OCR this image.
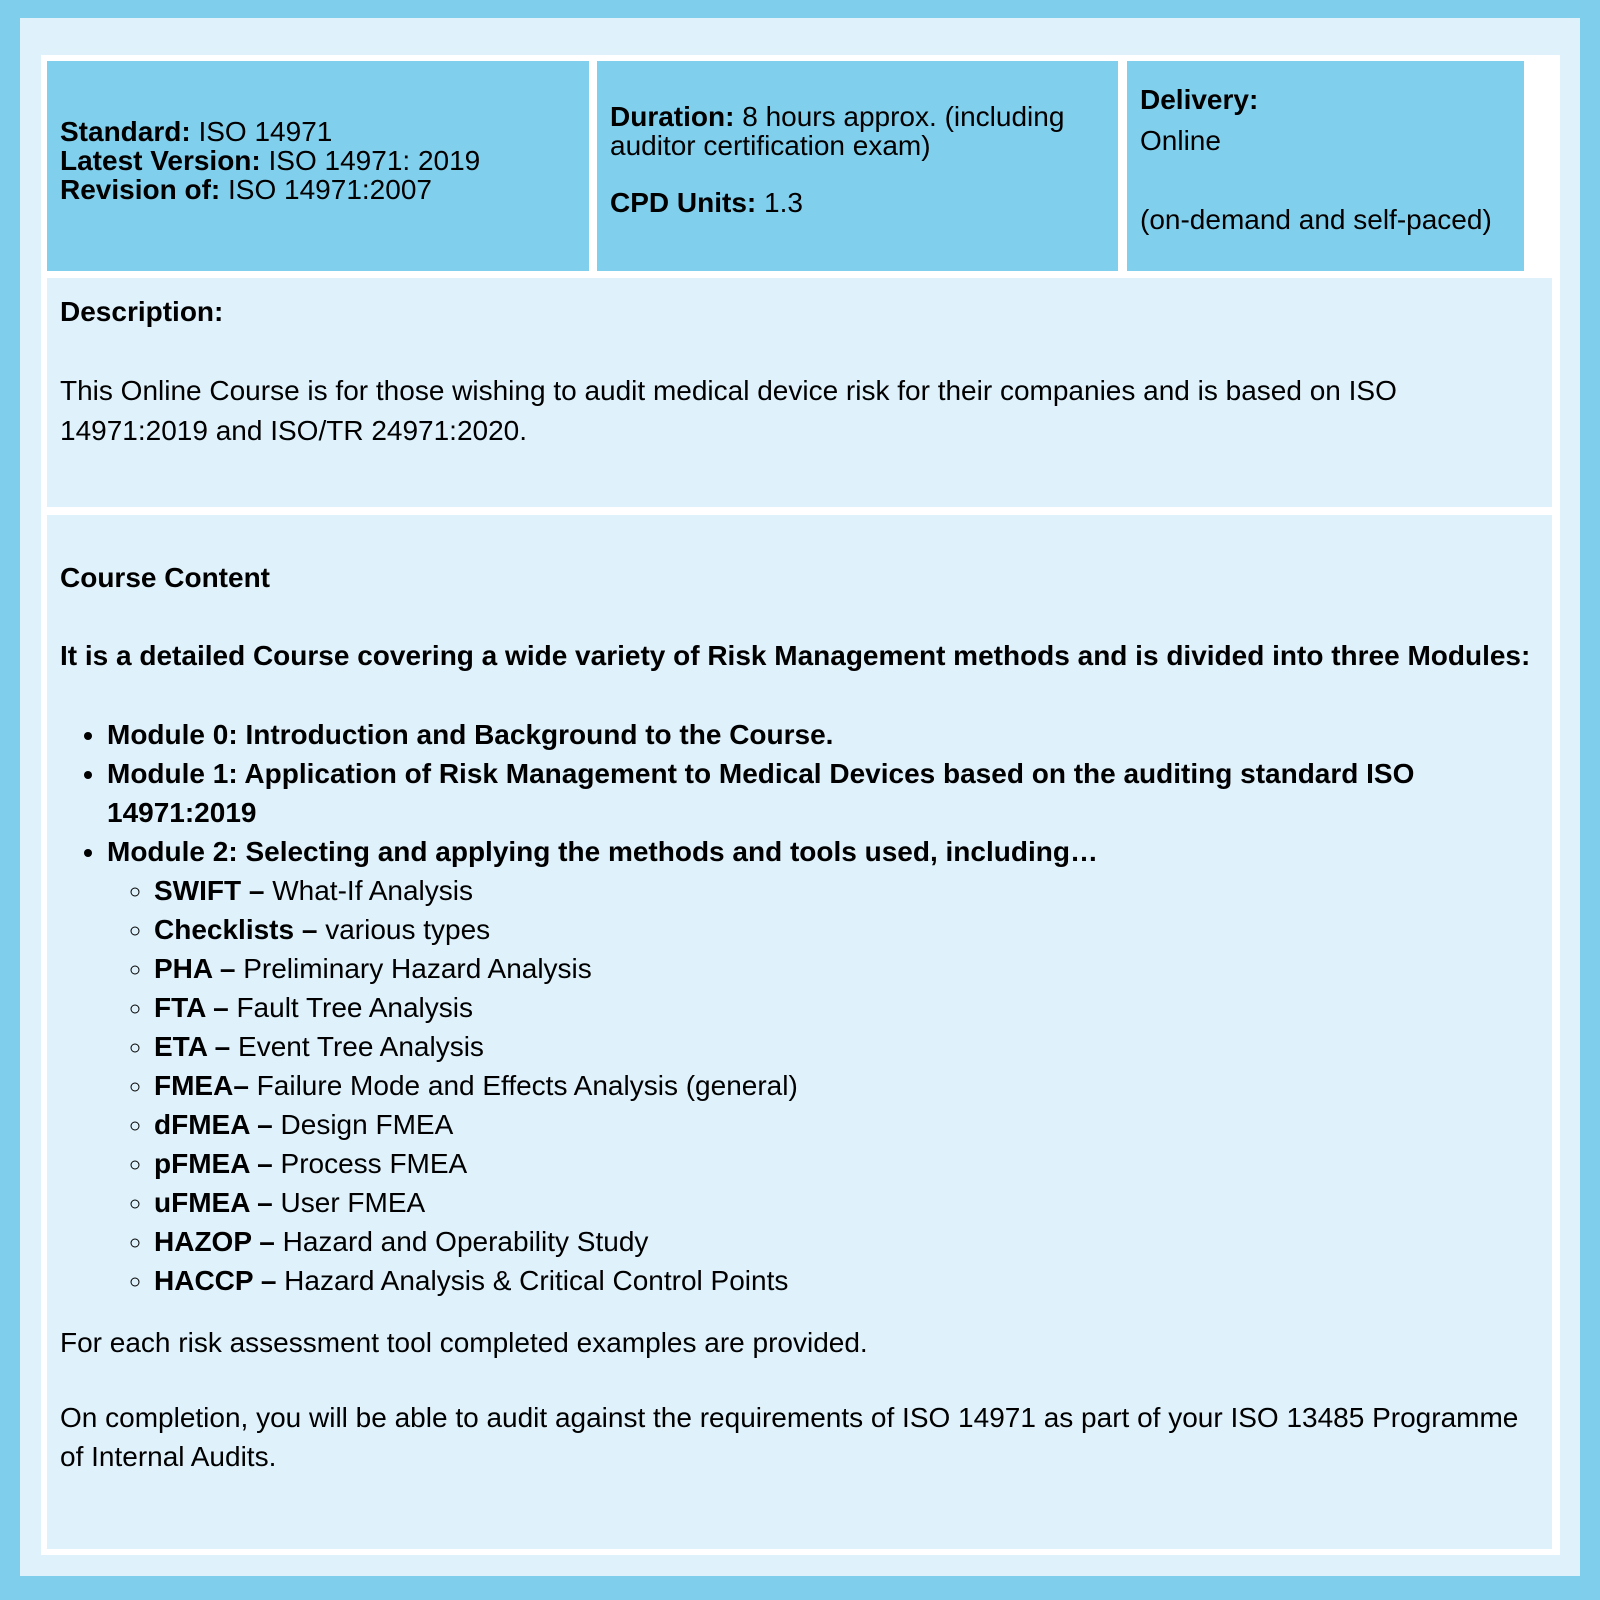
Standard: ISO 14971
Latest Version: ISO 14971: 2019
Revision of: ISO 14971:2007
Duration: 8 hours approx. (including auditor certification exam)
CPD Units: 1.3
Delivery:
Online
(on-demand and self-paced)
Description:
This Online Course is for those wishing to audit medical device risk for their companies and is based on ISO 14971:2019 and ISO/TR 24971:2020.
Course Content
It is a detailed Course covering a wide variety of Risk Management methods and is divided into three Modules:
• Module 0: Introduction and Background to the Course.
• Module 1: Application of Risk Management to Medical Devices based on the auditing standard ISO 14971:2019
• Module 2: Selecting and applying the methods and tools used, including…
◦ SWIFT – What-If Analysis
◦ Checklists – various types
◦ PHA – Preliminary Hazard Analysis
◦ FTA – Fault Tree Analysis
◦ ETA – Event Tree Analysis
◦ FMEA– Failure Mode and Effects Analysis (general)
◦ dFMEA – Design FMEA
◦ pFMEA – Process FMEA
◦ uFMEA – User FMEA
◦ HAZOP – Hazard and Operability Study
◦ HACCP – Hazard Analysis & Critical Control Points
For each risk assessment tool completed examples are provided.
On completion, you will be able to audit against the requirements of ISO 14971 as part of your ISO 13485 Programme of Internal Audits.
